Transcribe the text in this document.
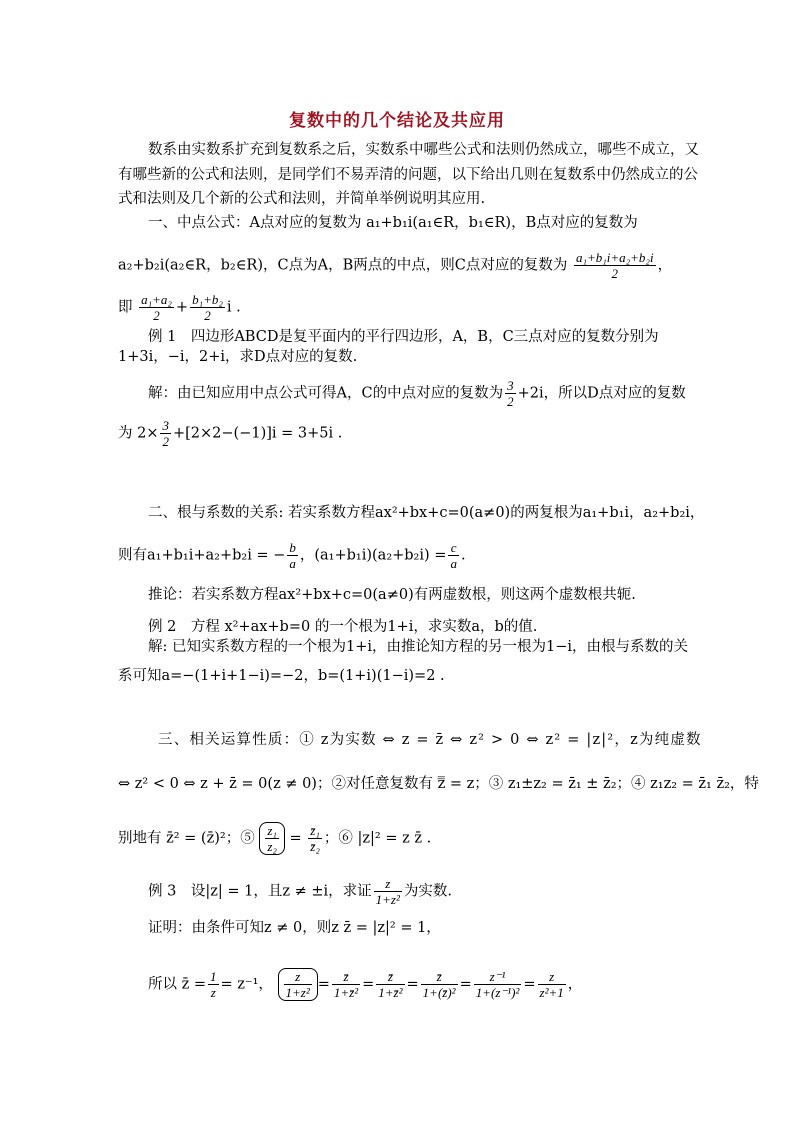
复数中的几个结论及共应用
数系由实数系扩充到复数系之后，实数系中哪些公式和法则仍然成立，哪些不成立，又
有哪些新的公式和法则，是同学们不易弄清的问题，以下给出几则在复数系中仍然成立的公
式和法则及几个新的公式和法则，并简单举例说明其应用.
一、中点公式：A点对应的复数为 a₁+b₁i(a₁∈R，b₁∈R)，B点对应的复数为
a₂+b₂i(a₂∈R，b₂∈R)，C点为A，B两点的中点，则C点对应的复数为 $\frac{\text{a₁+b₁i+a₂+b₂i}}{2}$ ，
即 $\frac{\text{a₁+a₂}}{2} + \frac{\text{b₁+b₂}}{2}$ i .
例 1　四边形ABCD是复平面内的平行四边形，A，B，C三点对应的复数分别为
1+3i，−i，2+i，求D点对应的复数.
解：由已知应用中点公式可得A，C的中点对应的复数为 $\frac{3}{2} +2i$，所以D点对应的复数
为 $2\times \frac{3}{2} +[2\times 2-(-1)]i = 3+5i$ .
二、根与系数的关系: 若实系数方程ax²+bx+c=0(a≠0)的两复根为a₁+b₁i，a₂+b₂i，
则有a₁+b₁i+a₂+b₂i = − $\frac{b}{a}$ ，$(a_1+b_1i)(a_2+b_2i) = \frac{c}{a}$ .
推论：若实系数方程ax²+bx+c=0(a≠0)有两虚数根，则这两个虚数根共轭.
例 2　方程 x²+ax+b=0 的一个根为1+i，求实数a，b的值.
解: 已知实系数方程的一个根为1+i，由推论知方程的另一根为1−i，由根与系数的关
系可知a=−(1+i+1−i)=−2，b=(1+i)(1−i)=2 .
三、相关运算性质：① z为实数 ⇔ z = z̄ ⇔ z² > 0 ⇔ z² = |z|²，z为纯虚数
⇔ z² < 0 ⇔ z + z̄ = 0(z ≠ 0)；②对任意复数有 z̿ = z；③ z₁±z₂ = z̄₁ ± z̄₂；④ z₁z₂ = z̄₁ z̄₂，特
别地有 z̄² = (z̄)²；⑤ $\frac{\text{z₁}}{\text{z₂}} = \frac{\text{z̄₁}}{\text{z̄₂}}$ ；⑥ |z|² = z z̄ .
例 3　设|z| = 1，且z ≠ ±i，求证 $\frac{z}{\text{1+z²}}$ 为实数.
证明：由条件可知z ≠ 0，则z z̄ = |z|² = 1，
所以 z̄ = $\frac{1}{z} = z^{-1}$， $\frac{z}{\text{1+z²}} = \frac{z̄}{\text{1+z̄²}} = \frac{z̄}{\text{1+z̄²}} = \frac{z̄}{\text{1+(z̄)²}} = \frac{\text{z⁻¹}}{\text{1+(z⁻¹)²}} = \frac{z}{\text{z²+1}}$ ，
